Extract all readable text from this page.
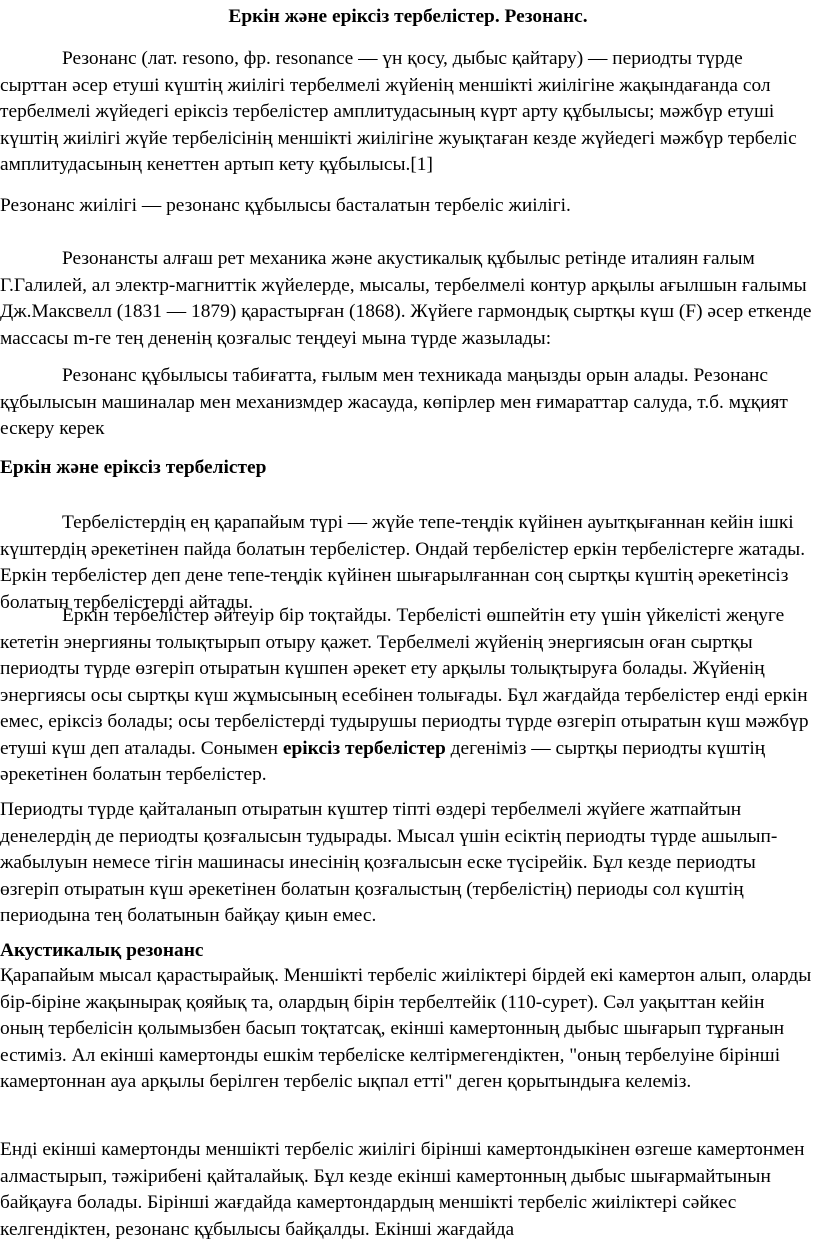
Еркін және еріксіз тербелістер. Резонанс.

Резонанс (лат. resono, фр. resonance — үн қосу, дыбыс қайтару) — периодты түрде сырттан әсер етуші күштің жиілігі тербелмелі жүйенің меншікті жиілігіне жақындағанда сол тербелмелі жүйедегі еріксіз тербелістер амплитудасының күрт арту құбылысы; мәжбүр етуші күштің жиілігі жүйе тербелісінің меншікті жиілігіне жуықтаған кезде жүйедегі мәжбүр тербеліс амплитудасының кенеттен артып кету құбылысы.[1]

Резонанс жиілігі — резонанс құбылысы басталатын тербеліс жиілігі.

Резонансты алғаш рет механика және акустикалық құбылыс ретінде италиян ғалым Г.Галилей, ал электр-магниттік жүйелерде, мысалы, тербелмелі контур арқылы ағылшын ғалымы Дж.Максвелл (1831 — 1879) қарастырған (1868). Жүйеге гармондық сыртқы күш (F) әсер еткенде массасы m-ге тең дененің қозғалыс теңдеуі мына түрде жазылады:

Резонанс құбылысы табиғатта, ғылым мен техникада маңызды орын алады. Резонанс құбылысын машиналар мен механизмдер жасауда, көпірлер мен ғимараттар салуда, т.б. мұқият ескеру керек

Еркін және еріксіз тербелістер

Тербелістердің ең қарапайым түрі — жүйе тепе-теңдік күйінен ауытқығаннан кейін ішкі күштердің әрекетінен пайда болатын тербелістер. Ондай тербелістер еркін тербелістерге жатады. Еркін тербелістер деп дене тепе-теңдік күйінен шығарылғаннан соң сыртқы күштің әрекетінсіз болатын тербелістерді айтады.

Еркін тербелістер әйтеуір бір тоқтайды. Тербелісті өшпейтін ету үшін үйкелісті жеңуге кететін энергияны толықтырып отыру қажет. Тербелмелі жүйенің энергиясын оған сыртқы периодты түрде өзгеріп отыратын күшпен әрекет ету арқылы толықтыруға болады. Жүйенің энергиясы осы сыртқы күш жұмысының есебінен толығады. Бұл жағдайда тербелістер енді еркін емес, еріксіз болады; осы тербелістерді тудырушы периодты түрде өзгеріп отыратын күш мәжбүр етуші күш деп аталады. Сонымен еріксіз тербелістер дегеніміз — сыртқы периодты күштің әрекетінен болатын тербелістер.

Периодты түрде қайталанып отыратын күштер тіпті өздері тербелмелі жүйеге жатпайтын денелердің де периодты қозғалысын тудырады. Мысал үшін есіктің периодты түрде ашылып-жабылуын немесе тігін машинасы инесінің қозғалысын еске түсірейік. Бұл кезде периодты өзгеріп отыратын күш әрекетінен болатын қозғалыстың (тербелістің) периоды сол күштің периодына тең болатынын байқау қиын емес.

Акустикалық резонанс

Қарапайым мысал қарастырайық. Меншікті тербеліс жиіліктері бірдей екі камертон алып, оларды бір-біріне жақынырақ қояйық та, олардың бірін тербелтейік (110-сурет). Сәл уақыттан кейін оның тербелісін қолымызбен басып тоқтатсақ, екінші камертонның дыбыс шығарып тұрғанын естиміз. Ал екінші камертонды ешкім тербеліске келтірмегендіктен, "оның тербелуіне бірінші камертоннан ауа арқылы берілген тербеліс ықпал етті" деген қорытындыға келеміз.

Енді екінші камертонды меншікті тербеліс жиілігі бірінші камертондыкінен өзгеше камертонмен алмастырып, тәжірибені қайталайық. Бұл кезде екінші камертонның дыбыс шығармайтынын байқауға болады. Бірінші жағдайда камертондардың меншікті тербеліс жиіліктері сәйкес келгендіктен, резонанс құбылысы байқалды. Екінші жағдайда
